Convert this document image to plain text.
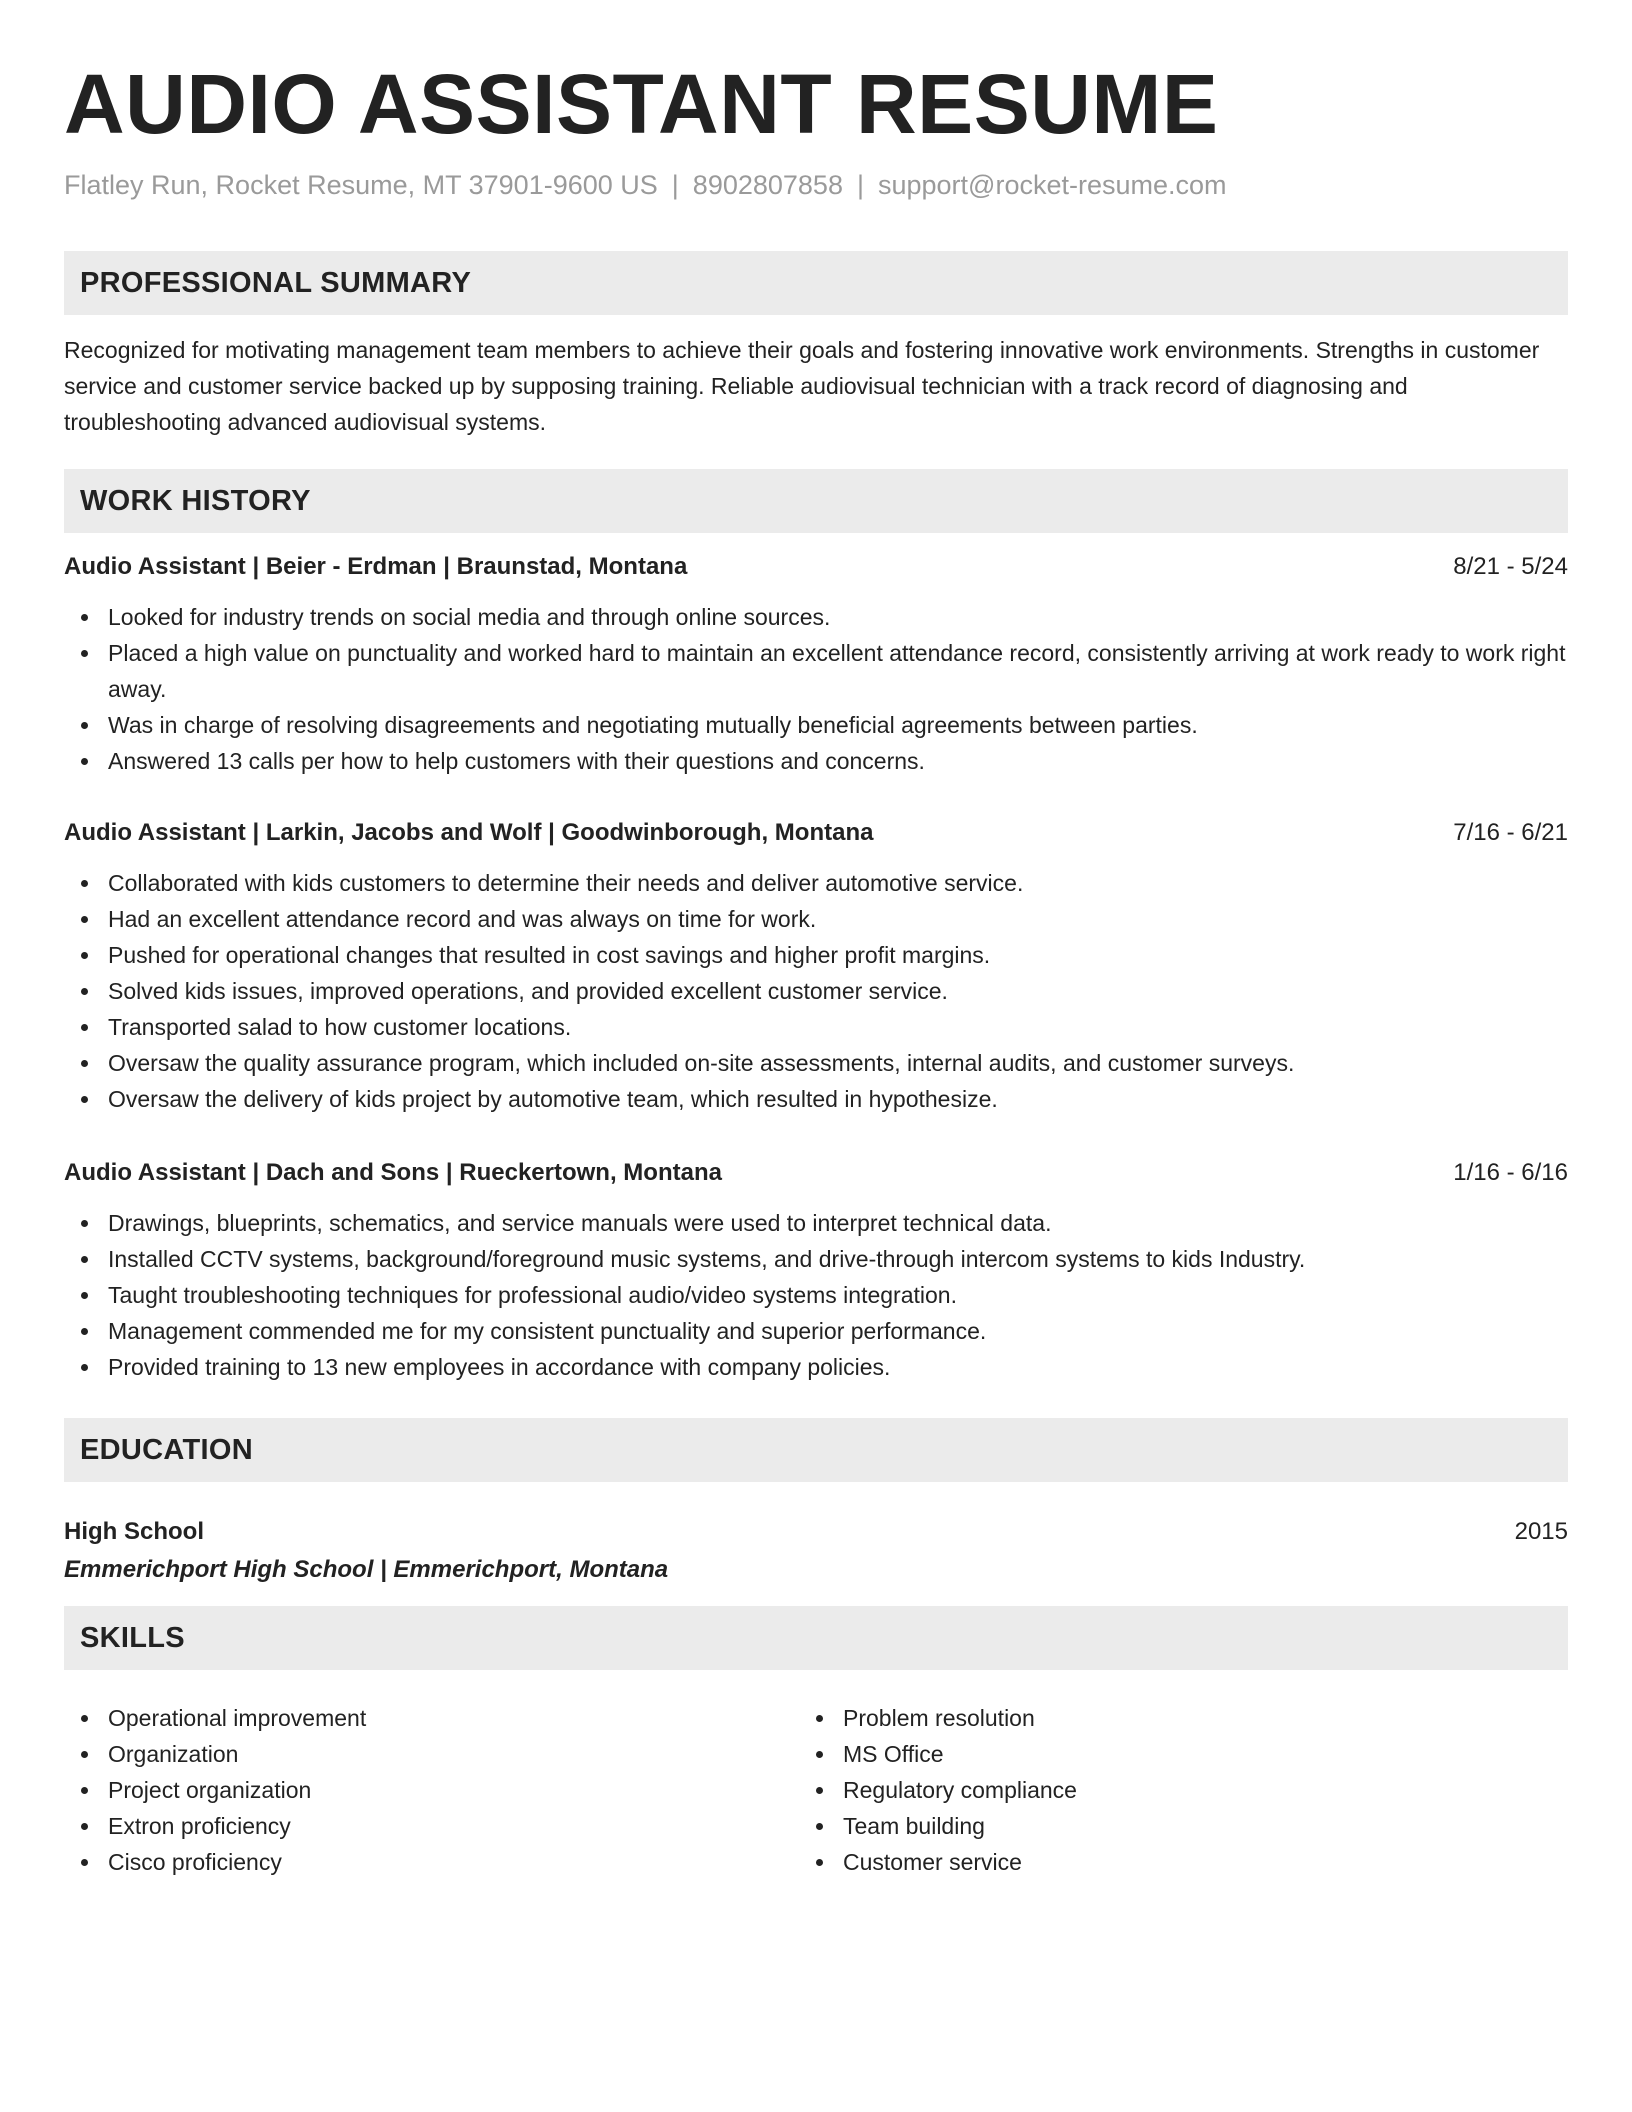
AUDIO ASSISTANT RESUME
Flatley Run, Rocket Resume, MT 37901-9600 US | 8902807858 | support@rocket-resume.com
PROFESSIONAL SUMMARY
Recognized for motivating management team members to achieve their goals and fostering innovative work environments. Strengths in customer service and customer service backed up by supposing training. Reliable audiovisual technician with a track record of diagnosing and troubleshooting advanced audiovisual systems.
WORK HISTORY
Audio Assistant | Beier - Erdman | Braunstad, Montana	8/21 - 5/24
Looked for industry trends on social media and through online sources.
Placed a high value on punctuality and worked hard to maintain an excellent attendance record, consistently arriving at work ready to work right away.
Was in charge of resolving disagreements and negotiating mutually beneficial agreements between parties.
Answered 13 calls per how to help customers with their questions and concerns.
Audio Assistant | Larkin, Jacobs and Wolf | Goodwinborough, Montana	7/16 - 6/21
Collaborated with kids customers to determine their needs and deliver automotive service.
Had an excellent attendance record and was always on time for work.
Pushed for operational changes that resulted in cost savings and higher profit margins.
Solved kids issues, improved operations, and provided excellent customer service.
Transported salad to how customer locations.
Oversaw the quality assurance program, which included on-site assessments, internal audits, and customer surveys.
Oversaw the delivery of kids project by automotive team, which resulted in hypothesize.
Audio Assistant | Dach and Sons | Rueckertown, Montana	1/16 - 6/16
Drawings, blueprints, schematics, and service manuals were used to interpret technical data.
Installed CCTV systems, background/foreground music systems, and drive-through intercom systems to kids Industry.
Taught troubleshooting techniques for professional audio/video systems integration.
Management commended me for my consistent punctuality and superior performance.
Provided training to 13 new employees in accordance with company policies.
EDUCATION
High School	2015
Emmerichport High School | Emmerichport, Montana
SKILLS
Operational improvement
Organization
Project organization
Extron proficiency
Cisco proficiency
Problem resolution
MS Office
Regulatory compliance
Team building
Customer service
